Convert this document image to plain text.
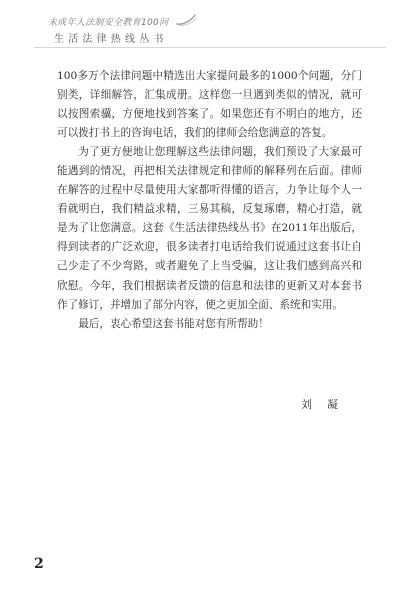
未成年人法制安全教育100问
生活法律热线丛书

100多万个法律问题中精选出大家提问最多的1000个问题，分门别类，详细解答，汇集成册。这样您一旦遇到类似的情况，就可以按图索骥，方便地找到答案了。如果您还有不明白的地方，还可以拨打书上的咨询电话，我们的律师会给您满意的答复。

为了更方便地让您理解这些法律问题，我们预设了大家最可能遇到的情况，再把相关法律规定和律师的解释列在后面。律师在解答的过程中尽量使用大家都听得懂的语言，力争让每个人一看就明白，我们精益求精，三易其稿，反复琢磨，精心打造，就是为了让您满意。这套《生活法律热线丛书》在2011年出版后，得到读者的广泛欢迎，很多读者打电话给我们说通过这套书让自己少走了不少弯路，或者避免了上当受骗，这让我们感到高兴和欣慰。今年，我们根据读者反馈的信息和法律的更新又对本套书作了修订，并增加了部分内容，使之更加全面、系统和实用。

最后，衷心希望这套书能对您有所帮助！

刘凝
2
